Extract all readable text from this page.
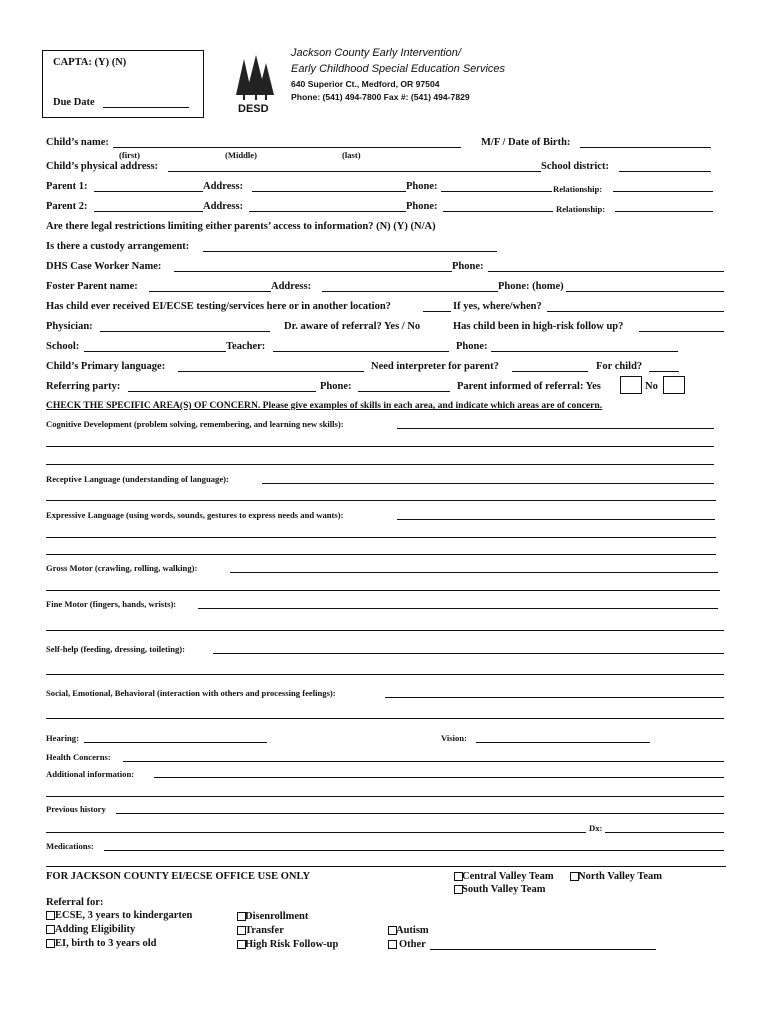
CAPTA: (Y) (N)
Due Date
DESD
Jackson County Early Intervention/
Early Childhood Special Education Services
640 Superior Ct., Medford, OR 97504
Phone: (541) 494-7800 Fax #: (541) 494-7829
Child’s name:	M/F / Date of Birth:
(first)	(Middle)	(last)
Child’s physical address:	School district:
Parent 1:	Address:	Phone:	Relationship:
Parent 2:	Address:	Phone:	Relationship:
Are there legal restrictions limiting either parents’ access to information? (N) (Y) (N/A)
Is there a custody arrangement:
DHS Case Worker Name:	Phone:
Foster Parent name:	Address:	Phone: (home)
Has child ever received EI/ECSE testing/services here or in another location?	If yes, where/when?
Physician:	Dr. aware of referral? Yes / No	Has child been in high-risk follow up?
School:	Teacher:	Phone:
Child’s Primary language:	Need interpreter for parent?	For child?
Referring party:	Phone:	Parent informed of referral: Yes	No
CHECK THE SPECIFIC AREA(S) OF CONCERN. Please give examples of skills in each area, and indicate which areas are of concern.
Cognitive Development (problem solving, remembering, and learning new skills):
Receptive Language (understanding of language):
Expressive Language (using words, sounds, gestures to express needs and wants):
Gross Motor (crawling, rolling, walking):
Fine Motor (fingers, hands, wrists):
Self-help (feeding, dressing, toileting):
Social, Emotional, Behavioral (interaction with others and processing feelings):
Hearing:	Vision:
Health Concerns:
Additional information:
Previous history
Dx:
Medications:
FOR JACKSON COUNTY EI/ECSE OFFICE USE ONLY	Central Valley Team North Valley Team
South Valley Team
Referral for:
ECSE, 3 years to kindergarten
Adding Eligibility
EI, birth to 3 years old
Disenrollment
Transfer
High Risk Follow-up
Autism
Other
